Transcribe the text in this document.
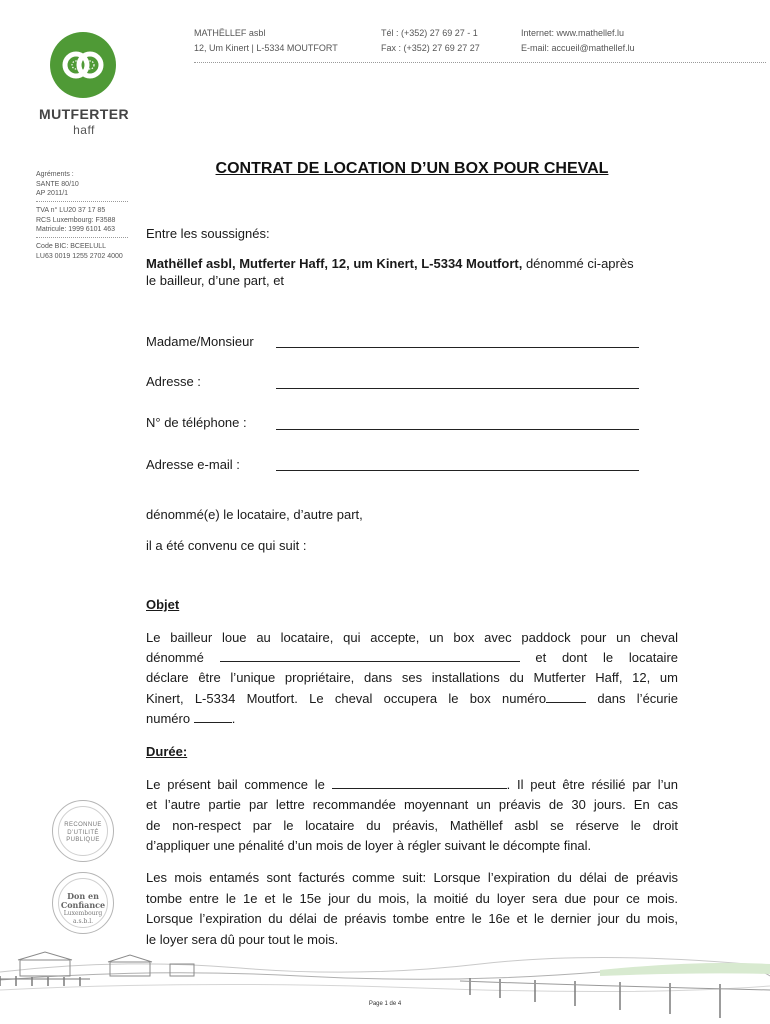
MUTFERTER
haff
MATHËLLEF asbl
12, Um Kinert | L-5334 MOUTFORT
Tél : (+352) 27 69 27 - 1
Fax : (+352) 27 69 27 27
Internet: www.mathellef.lu
E-mail: accueil@mathellef.lu
Agréments :
SANTE 80/10
AP 2011/1
TVA n° LU20 37 17 85
RCS Luxembourg: F3588
Matricule: 1999 6101 463
Code BIC: BCEELULL
LU63 0019 1255 2702 4000
CONTRAT DE LOCATION D’UN BOX POUR CHEVAL
Entre les soussignés:
Mathëllef asbl, Mutferter Haff, 12, um Kinert, L-5334 Moutfort, dénommé ci-après
le bailleur, d’une part, et
Madame/Monsieur
Adresse :
N° de téléphone :
Adresse e-mail :
dénommé(e) le locataire, d’autre part,
il a été convenu ce qui suit :
Objet
Le bailleur loue au locataire, qui accepte, un box avec paddock pour un cheval
dénommé	et dont le locataire
déclare être l’unique propriétaire, dans ses installations du Mutferter Haff, 12, um
Kinert, L-5334 Moutfort. Le cheval occupera le box numéro	dans l’écurie
numéro	.
Durée:
Le présent bail commence le	. Il peut être résilié par l’un
et l’autre partie par lettre recommandée moyennant un préavis de 30 jours. En cas
de non-respect par le locataire du préavis, Mathëllef asbl se réserve le droit
d’appliquer une pénalité d’un mois de loyer à régler suivant le décompte final.
Les mois entamés sont facturés comme suit: Lorsque l’expiration du délai de préavis
tombe entre le 1e et le 15e jour du mois, la moitié du loyer sera due pour ce mois.
Lorsque l’expiration du délai de préavis tombe entre le 16e et le dernier jour du mois,
le loyer sera dû pour tout le mois.
RECONNUE
D’UTILITÉ
PUBLIQUE
Don en
Confiance
Luxembourg
a.s.b.l.
Page 1 de 4
